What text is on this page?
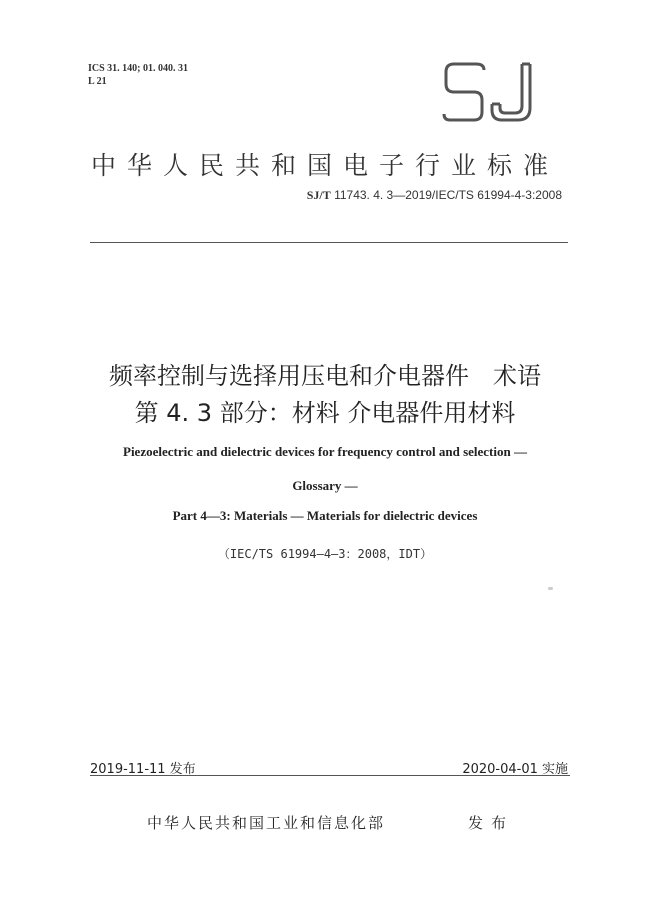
ICS 31. 140; 01. 040. 31
L 21
SJ
中华人民共和国电子行业标准
SJ/T 11743. 4. 3—2019/IEC/TS 61994-4-3:2008
频率控制与选择用压电和介电器件　术语
第 4. 3 部分：材料 介电器件用材料
Piezoelectric and dielectric devices for frequency control and selection —
Glossary —
Part 4—3: Materials — Materials for dielectric devices
（IEC/TS 61994—4—3：2008，IDT）
2019-11-11 发布	2020-04-01 实施
中华人民共和国工业和信息化部	发布
